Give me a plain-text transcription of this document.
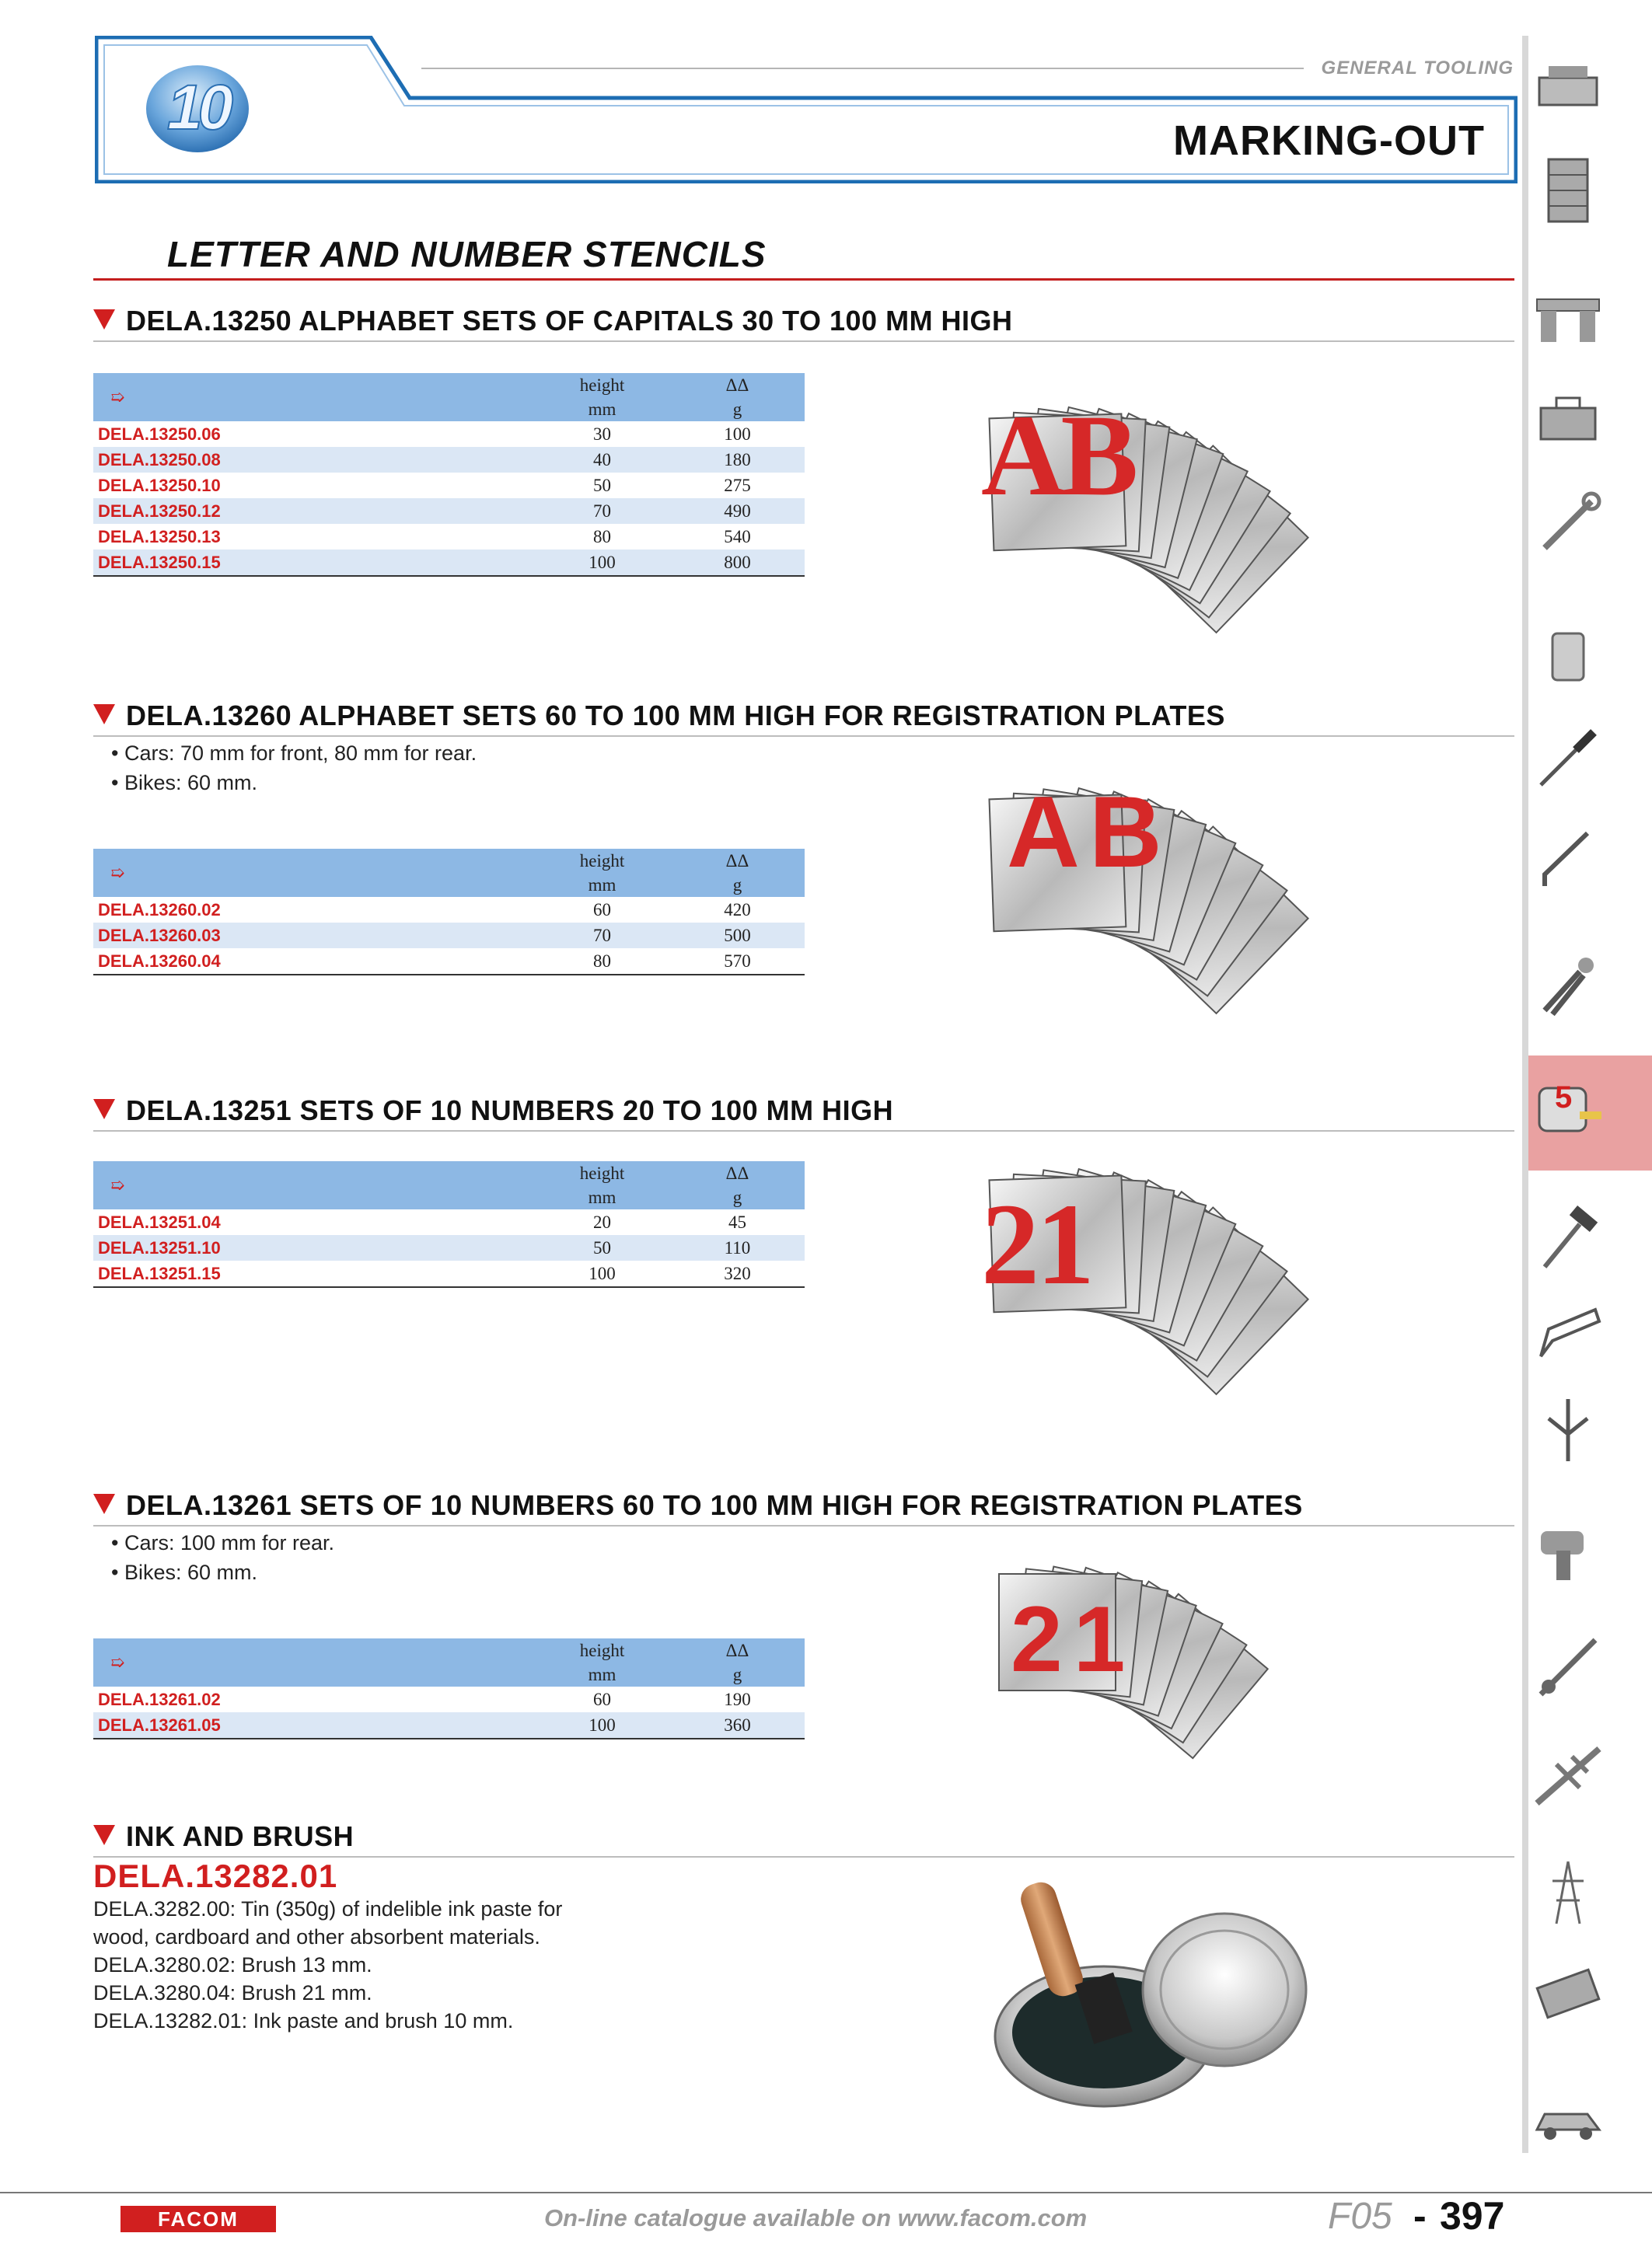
10
GENERAL TOOLING
MARKING-OUT
LETTER AND NUMBER STENCILS
DELA.13250 ALPHABET SETS OF CAPITALS 30 TO 100 MM HIGH
➯	height	ΔΔ
	mm	g
DELA.13250.06	30	100
DELA.13250.08	40	180
DELA.13250.10	50	275
DELA.13250.12	70	490
DELA.13250.13	80	540
DELA.13250.15	100	800
DELA.13260 ALPHABET SETS 60 TO 100 MM HIGH FOR REGISTRATION PLATES
• Cars: 70 mm for front, 80 mm for rear.
• Bikes: 60 mm.
➯	height	ΔΔ
	mm	g
DELA.13260.02	60	420
DELA.13260.03	70	500
DELA.13260.04	80	570
DELA.13251 SETS OF 10 NUMBERS 20 TO 100 MM HIGH
➯	height	ΔΔ
	mm	g
DELA.13251.04	20	45
DELA.13251.10	50	110
DELA.13251.15	100	320
DELA.13261 SETS OF 10 NUMBERS 60 TO 100 MM HIGH FOR REGISTRATION PLATES
• Cars: 100 mm for rear.
• Bikes: 60 mm.
➯	height	ΔΔ
	mm	g
DELA.13261.02	60	190
DELA.13261.05	100	360
AB
AB
21
21
INK AND BRUSH
DELA.13282.01
DELA.3282.00: Tin (350g) of indelible ink paste for
wood, cardboard and other absorbent materials.
DELA.3280.02: Brush 13 mm.
DELA.3280.04: Brush 21 mm.
DELA.13282.01: Ink paste and brush 10 mm.
5
FACOM	On-line catalogue available on www.facom.com	F05 - 397
